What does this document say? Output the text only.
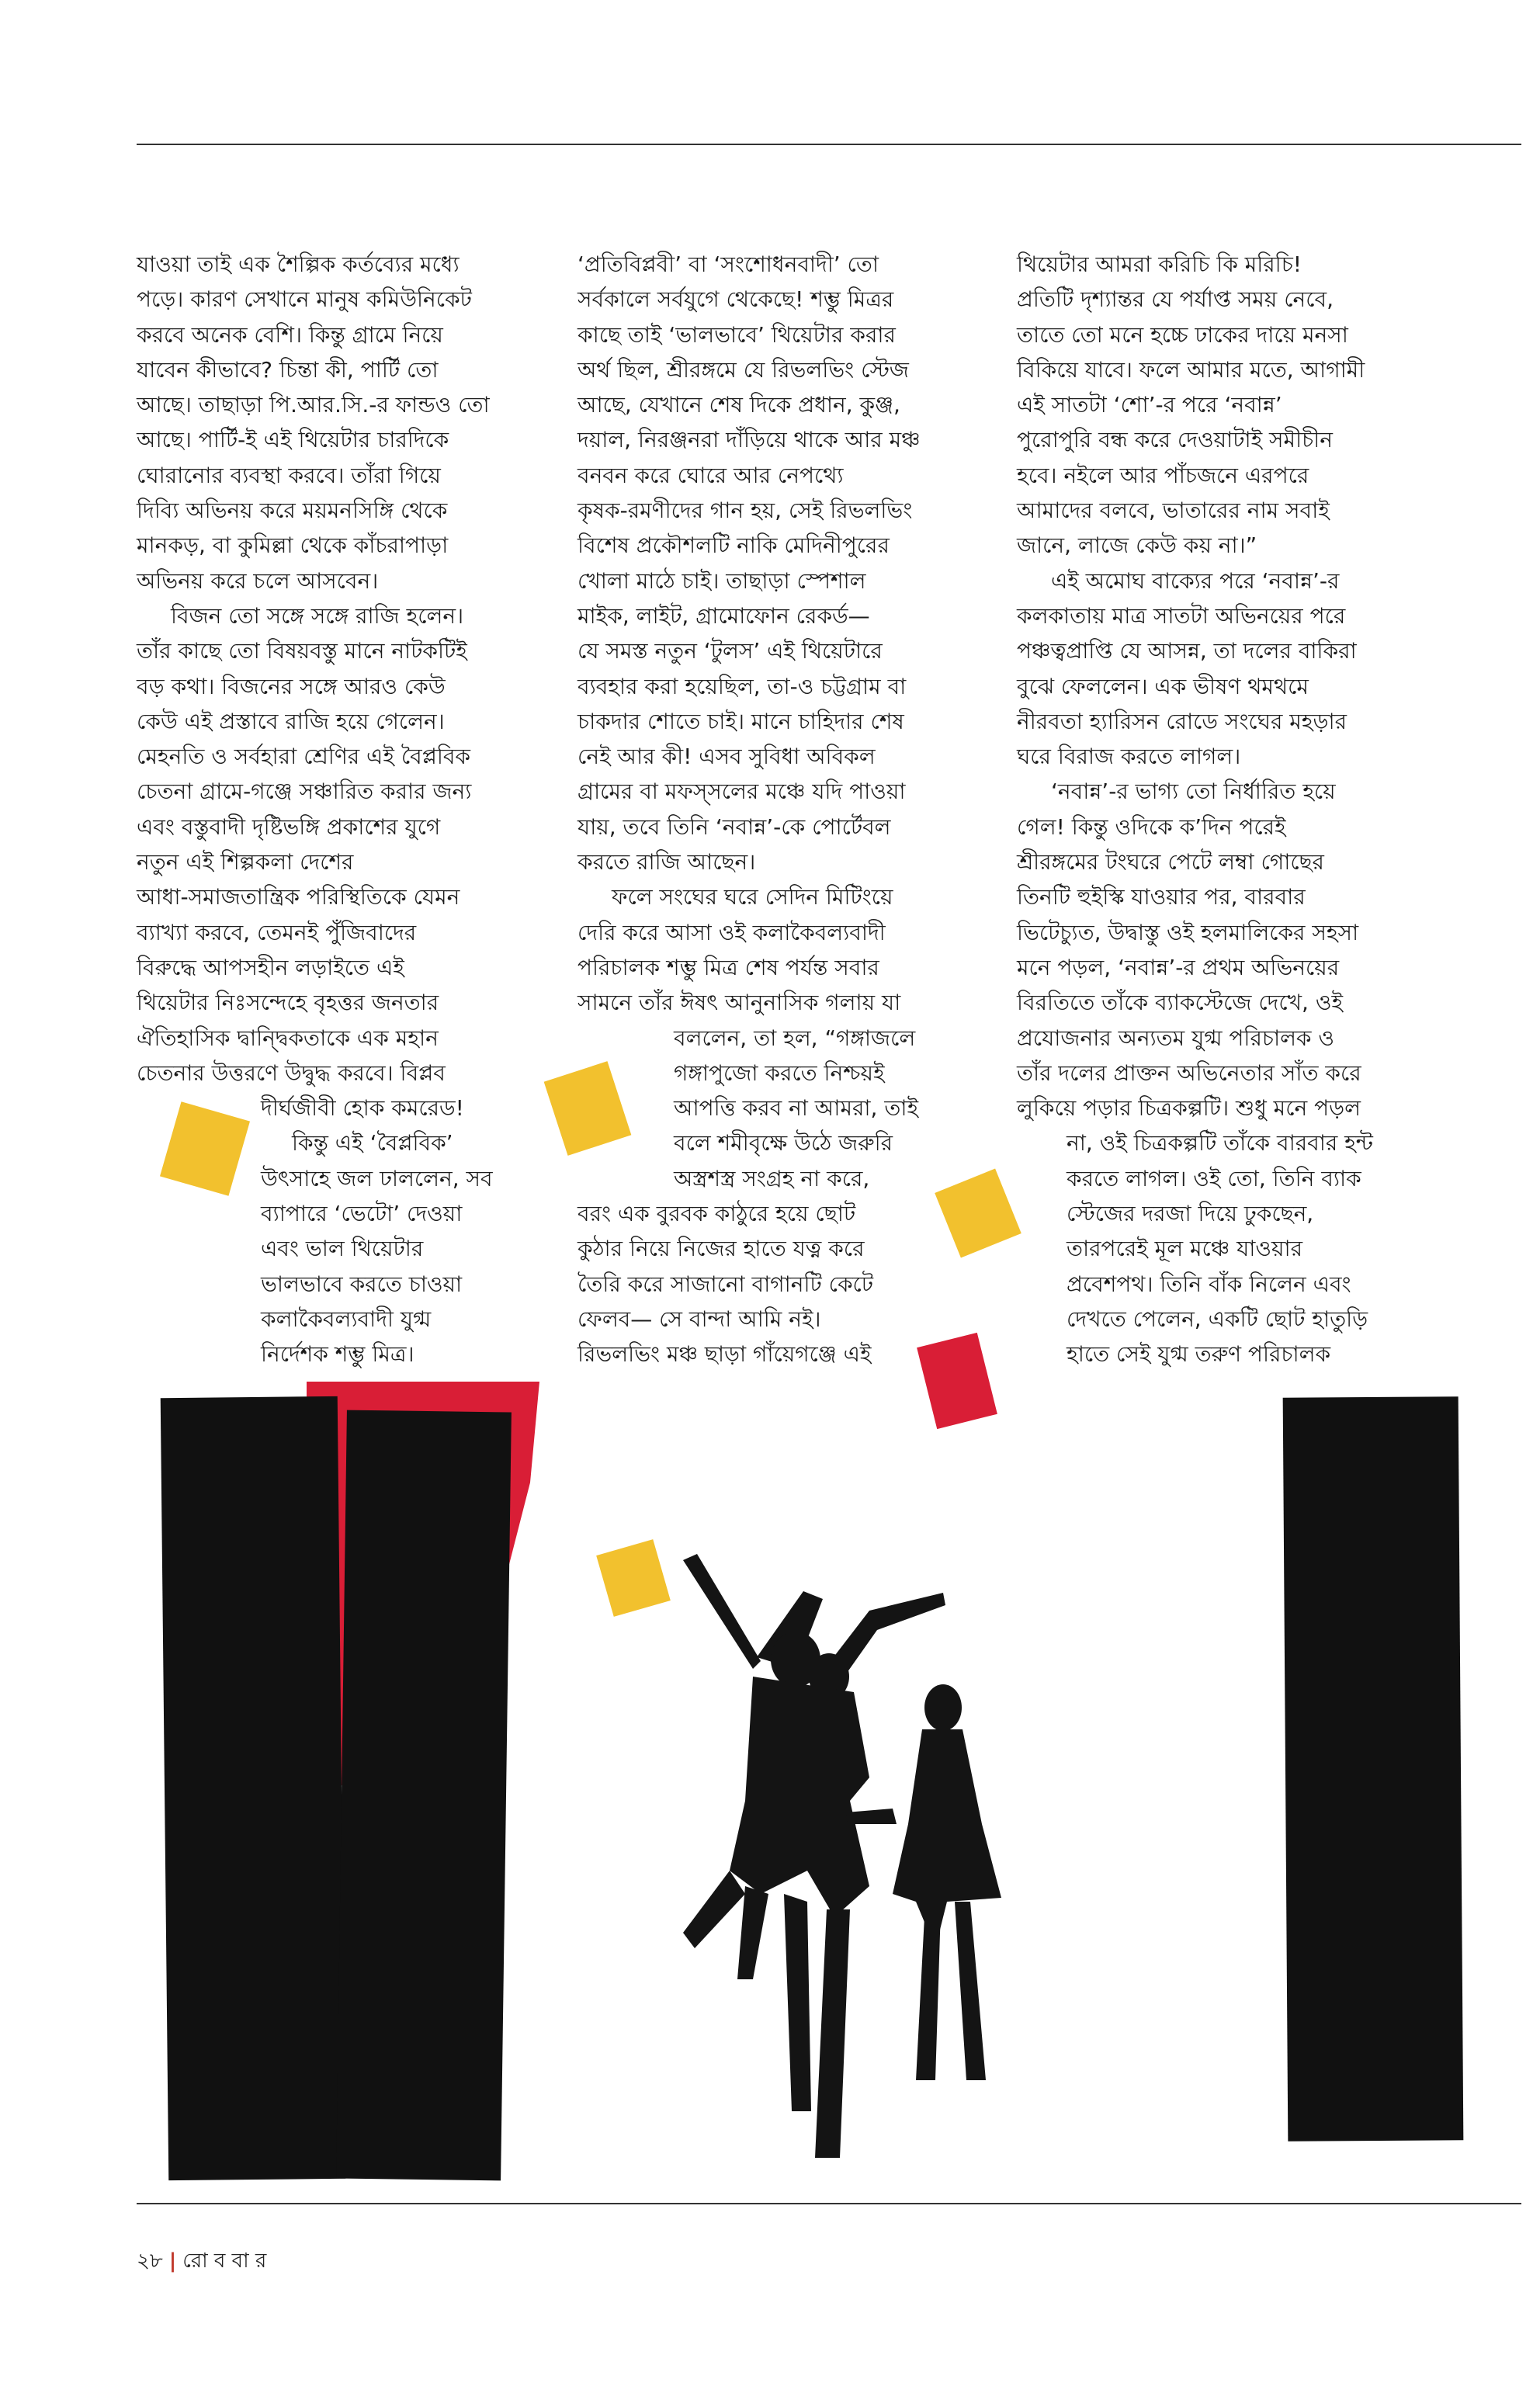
যাওয়া তাই এক শৈল্পিক কর্তব্যের মধ্যে

পড়ে। কারণ সেখানে মানুষ কমিউনিকেট

করবে অনেক বেশি। কিন্তু গ্রামে নিয়ে

যাবেন কীভাবে? চিন্তা কী, পার্টি তো

আছে। তাছাড়া পি.আর.সি.-র ফান্ডও তো

আছে। পার্টি-ই এই থিয়েটার চারদিকে

ঘোরানোর ব্যবস্থা করবে। তাঁরা গিয়ে

দিব্যি অভিনয় করে ময়মনসিঙ্গি থেকে

মানকড়, বা কুমিল্লা থেকে কাঁচরাপাড়া

অভিনয় করে চলে আসবেন।

বিজন তো সঙ্গে সঙ্গে রাজি হলেন।

তাঁর কাছে তো বিষয়বস্তু মানে নাটকটিই

বড় কথা। বিজনের সঙ্গে আরও কেউ

কেউ এই প্রস্তাবে রাজি হয়ে গেলেন।

মেহনতি ও সর্বহারা শ্রেণির এই বৈপ্লবিক

চেতনা গ্রামে-গঞ্জে সঞ্চারিত করার জন্য

এবং বস্তুবাদী দৃষ্টিভঙ্গি প্রকাশের যুগে

নতুন এই শিল্পকলা দেশের

আধা-সমাজতান্ত্রিক পরিস্থিতিকে যেমন

ব্যাখ্যা করবে, তেমনই পুঁজিবাদের

বিরুদ্ধে আপসহীন লড়াইতে এই

থিয়েটার নিঃসন্দেহে বৃহত্তর জনতার

ঐতিহাসিক দ্বান্দ্বিকতাকে এক মহান

চেতনার উত্তরণে উদ্বুদ্ধ করবে। বিপ্লব

দীর্ঘজীবী হোক কমরেড!

কিন্তু এই ‘বৈপ্লবিক’

উৎসাহে জল ঢাললেন, সব

ব্যাপারে ‘ভেটো’ দেওয়া

এবং ভাল থিয়েটার

ভালভাবে করতে চাওয়া

কলাকৈবল্যবাদী যুগ্ম

নির্দেশক শম্ভু মিত্র।

‘প্রতিবিপ্লবী’ বা ‘সংশোধনবাদী’ তো

সর্বকালে সর্বযুগে থেকেছে! শম্ভু মিত্রর

কাছে তাই ‘ভালভাবে’ থিয়েটার করার

অর্থ ছিল, শ্রীরঙ্গমে যে রিভলভিং স্টেজ

আছে, যেখানে শেষ দিকে প্রধান, কুঞ্জ,

দয়াল, নিরঞ্জনরা দাঁড়িয়ে থাকে আর মঞ্চ

বনবন করে ঘোরে আর নেপথ্যে

কৃষক-রমণীদের গান হয়, সেই রিভলভিং

বিশেষ প্রকৌশলটি নাকি মেদিনীপুরের

খোলা মাঠে চাই। তাছাড়া স্পেশাল

মাইক, লাইট, গ্রামোফোন রেকর্ড—

যে সমস্ত নতুন ‘টুলস’ এই থিয়েটারে

ব্যবহার করা হয়েছিল, তা-ও চট্টগ্রাম বা

চাকদার শোতে চাই। মানে চাহিদার শেষ

নেই আর কী! এসব সুবিধা অবিকল

গ্রামের বা মফস্সলের মঞ্চে যদি পাওয়া

যায়, তবে তিনি ‘নবান্ন’-কে পোর্টেবল

করতে রাজি আছেন।

ফলে সংঘের ঘরে সেদিন মিটিংয়ে

দেরি করে আসা ওই কলাকৈবল্যবাদী

পরিচালক শম্ভু মিত্র শেষ পর্যন্ত সবার

সামনে তাঁর ঈষৎ আনুনাসিক গলায় যা

বললেন, তা হল, “গঙ্গাজলে

গঙ্গাপুজো করতে নিশ্চয়ই

আপত্তি করব না আমরা, তাই

বলে শমীবৃক্ষে উঠে জরুরি

অস্ত্রশস্ত্র সংগ্রহ না করে,

বরং এক বুরবক কাঠুরে হয়ে ছোট

কুঠার নিয়ে নিজের হাতে যত্ন করে

তৈরি করে সাজানো বাগানটি কেটে

ফেলব— সে বান্দা আমি নই।

রিভলভিং মঞ্চ ছাড়া গাঁয়েগঞ্জে এই

থিয়েটার আমরা করিচি কি মরিচি!

প্রতিটি দৃশ্যান্তর যে পর্যাপ্ত সময় নেবে,

তাতে তো মনে হচ্চে ঢাকের দায়ে মনসা

বিকিয়ে যাবে। ফলে আমার মতে, আগামী

এই সাতটা ‘শো’-র পরে ‘নবান্ন’

পুরোপুরি বন্ধ করে দেওয়াটাই সমীচীন

হবে। নইলে আর পাঁচজনে এরপরে

আমাদের বলবে, ভাতারের নাম সবাই

জানে, লাজে কেউ কয় না।”

এই অমোঘ বাক্যের পরে ‘নবান্ন’-র

কলকাতায় মাত্র সাতটা অভিনয়ের পরে

পঞ্চত্বপ্রাপ্তি যে আসন্ন, তা দলের বাকিরা

বুঝে ফেললেন। এক ভীষণ থমথমে

নীরবতা হ্যারিসন রোডে সংঘের মহড়ার

ঘরে বিরাজ করতে লাগল।

‘নবান্ন’-র ভাগ্য তো নির্ধারিত হয়ে

গেল! কিন্তু ওদিকে ক’দিন পরেই

শ্রীরঙ্গমের টংঘরে পেটে লম্বা গোছের

তিনটি হুইস্কি যাওয়ার পর, বারবার

ভিটেচ্যুত, উদ্বাস্তু ওই হলমালিকের সহসা

মনে পড়ল, ‘নবান্ন’-র প্রথম অভিনয়ের

বিরতিতে তাঁকে ব্যাকস্টেজে দেখে, ওই

প্রযোজনার অন্যতম যুগ্ম পরিচালক ও

তাঁর দলের প্রাক্তন অভিনেতার সাঁত করে

লুকিয়ে পড়ার চিত্রকল্পটি। শুধু মনে পড়ল

না, ওই চিত্রকল্পটি তাঁকে বারবার হন্ট

করতে লাগল। ওই তো, তিনি ব্যাক

স্টেজের দরজা দিয়ে ঢুকছেন,

তারপরেই মূল মঞ্চে যাওয়ার

প্রবেশপথ। তিনি বাঁক নিলেন এবং

দেখতে পেলেন, একটি ছোট হাতুড়ি

হাতে সেই যুগ্ম তরুণ পরিচালক

২৮ | রো ব বা র
